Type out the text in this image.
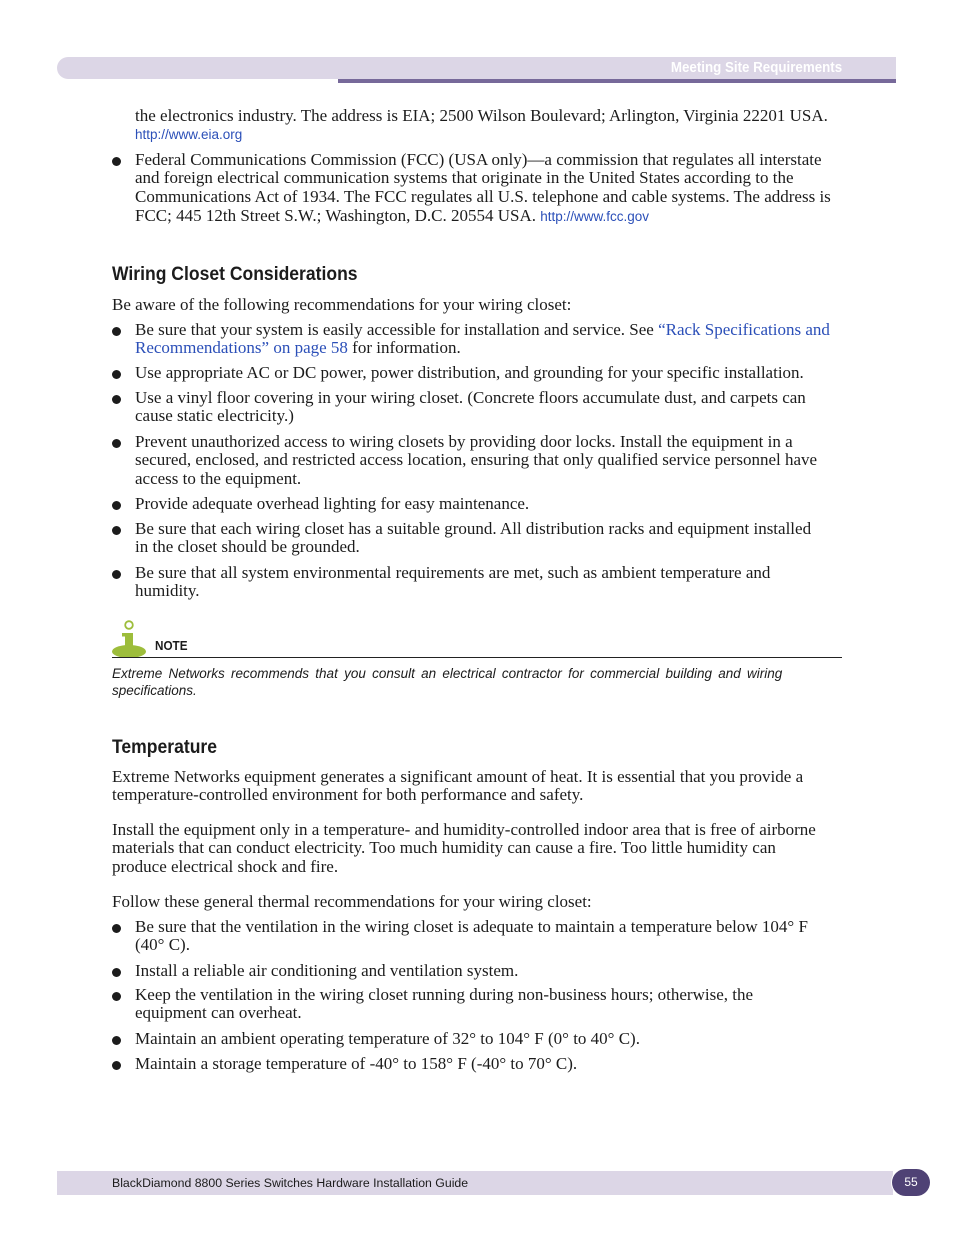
Meeting Site Requirements
the electronics industry. The address is EIA; 2500 Wilson Boulevard; Arlington, Virginia 22201 USA.
http://www.eia.org
Federal Communications Commission (FCC) (USA only)—a commission that regulates all interstate
and foreign electrical communication systems that originate in the United States according to the
Communications Act of 1934. The FCC regulates all U.S. telephone and cable systems. The address is
FCC; 445 12th Street S.W.; Washington, D.C. 20554 USA. http://www.fcc.gov
Wiring Closet Considerations
Be aware of the following recommendations for your wiring closet:
Be sure that your system is easily accessible for installation and service. See “Rack Specifications and
Recommendations” on page 58 for information.
Use appropriate AC or DC power, power distribution, and grounding for your specific installation.
Use a vinyl floor covering in your wiring closet. (Concrete floors accumulate dust, and carpets can
cause static electricity.)
Prevent unauthorized access to wiring closets by providing door locks. Install the equipment in a
secured, enclosed, and restricted access location, ensuring that only qualified service personnel have
access to the equipment.
Provide adequate overhead lighting for easy maintenance.
Be sure that each wiring closet has a suitable ground. All distribution racks and equipment installed
in the closet should be grounded.
Be sure that all system environmental requirements are met, such as ambient temperature and
humidity.
NOTE
Extreme Networks recommends that you consult an electrical contractor for commercial building and wiring
specifications.
Temperature
Extreme Networks equipment generates a significant amount of heat. It is essential that you provide a
temperature-controlled environment for both performance and safety.
Install the equipment only in a temperature- and humidity-controlled indoor area that is free of airborne
materials that can conduct electricity. Too much humidity can cause a fire. Too little humidity can
produce electrical shock and fire.
Follow these general thermal recommendations for your wiring closet:
Be sure that the ventilation in the wiring closet is adequate to maintain a temperature below 104° F
(40° C).
Install a reliable air conditioning and ventilation system.
Keep the ventilation in the wiring closet running during non-business hours; otherwise, the
equipment can overheat.
Maintain an ambient operating temperature of 32° to 104° F (0° to 40° C).
Maintain a storage temperature of -40° to 158° F (-40° to 70° C).
BlackDiamond 8800 Series Switches Hardware Installation Guide	55
